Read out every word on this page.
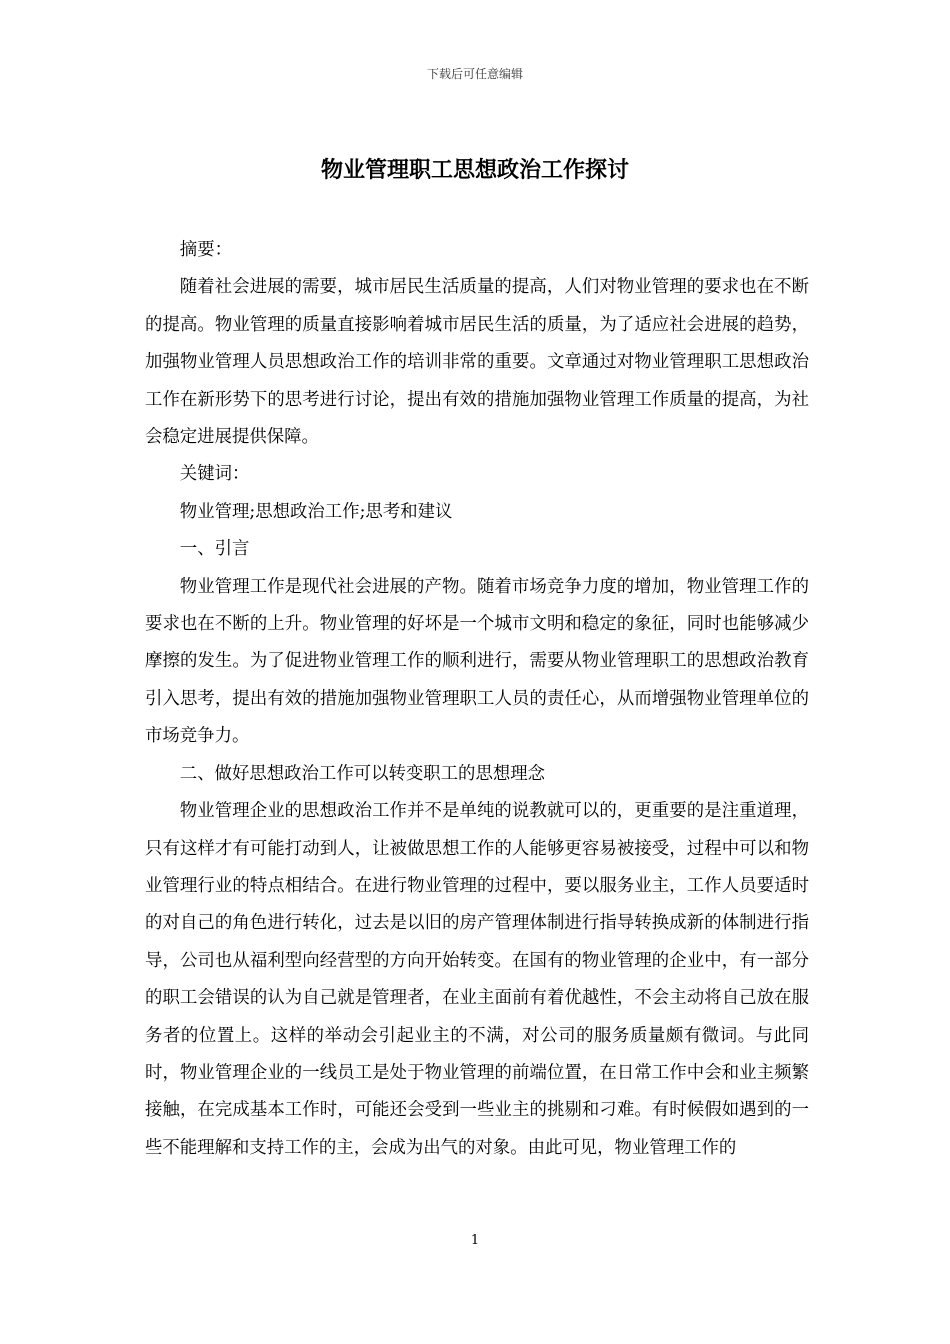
下载后可任意编辑
物业管理职工思想政治工作探讨

摘要：

随着社会进展的需要，城市居民生活质量的提高，人们对物业管理的要求也在不断的提高。物业管理的质量直接影响着城市居民生活的质量，为了适应社会进展的趋势，加强物业管理人员思想政治工作的培训非常的重要。文章通过对物业管理职工思想政治工作在新形势下的思考进行讨论，提出有效的措施加强物业管理工作质量的提高，为社会稳定进展提供保障。

关键词：

物业管理;思想政治工作;思考和建议

一、引言

物业管理工作是现代社会进展的产物。随着市场竞争力度的增加，物业管理工作的要求也在不断的上升。物业管理的好坏是一个城市文明和稳定的象征，同时也能够减少摩擦的发生。为了促进物业管理工作的顺利进行，需要从物业管理职工的思想政治教育引入思考，提出有效的措施加强物业管理职工人员的责任心，从而增强物业管理单位的市场竞争力。

二、做好思想政治工作可以转变职工的思想理念

物业管理企业的思想政治工作并不是单纯的说教就可以的，更重要的是注重道理，只有这样才有可能打动到人，让被做思想工作的人能够更容易被接受，过程中可以和物业管理行业的特点相结合。在进行物业管理的过程中，要以服务业主，工作人员要适时的对自己的角色进行转化，过去是以旧的房产管理体制进行指导转换成新的体制进行指导，公司也从福利型向经营型的方向开始转变。在国有的物业管理的企业中，有一部分的职工会错误的认为自己就是管理者，在业主面前有着优越性，不会主动将自己放在服务者的位置上。这样的举动会引起业主的不满，对公司的服务质量颇有微词。与此同时，物业管理企业的一线员工是处于物业管理的前端位置，在日常工作中会和业主频繁接触，在完成基本工作时，可能还会受到一些业主的挑剔和刁难。有时候假如遇到的一些不能理解和支持工作的主，会成为出气的对象。由此可见，物业管理工作的

1
